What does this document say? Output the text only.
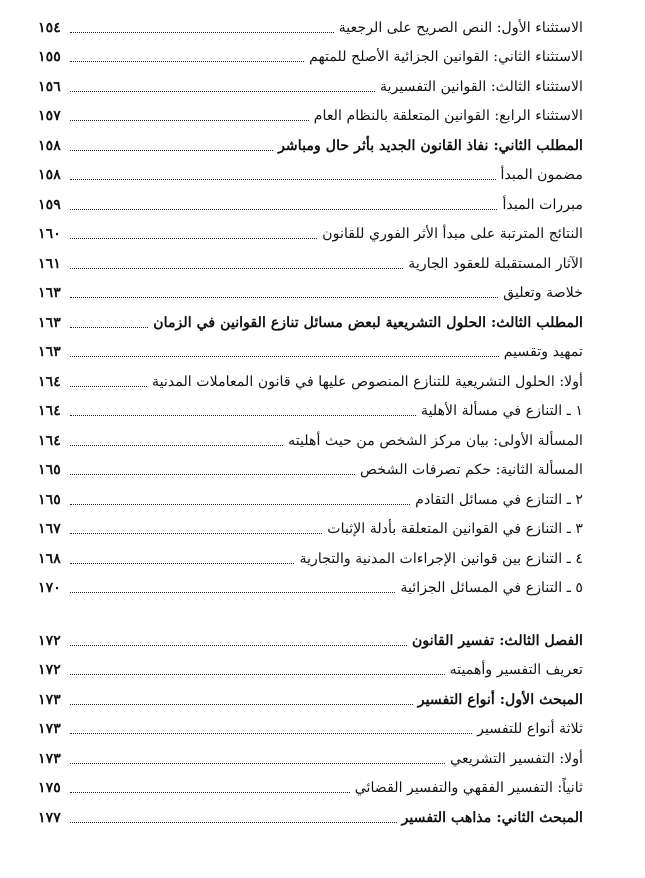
الاستثناء الأول: النص الصريح على الرجعية
١٥٤
الاستثناء الثاني: القوانين الجزائية الأصلح للمتهم
١٥٥
الاستثناء الثالث: القوانين التفسيرية
١٥٦
الاستثناء الرابع: القوانين المتعلقة بالنظام العام
١٥٧
المطلب الثاني: نفاذ القانون الجديد بأثر حال ومباشر
١٥٨
مضمون المبدأ
١٥٨
مبررات المبدأ
١٥٩
النتائج المترتبة على مبدأ الأثر الفوري للقانون
١٦٠
الآثار المستقبلة للعقود الجارية
١٦١
خلاصة وتعليق
١٦٣
المطلب الثالث: الحلول التشريعية لبعض مسائل تنازع القوانين في الزمان
١٦٣
تمهيد وتقسيم
١٦٣
أولا: الحلول التشريعية للتنازع المنصوص عليها في قانون المعاملات المدنية
١٦٤
١ ـ التنازع في مسألة الأهلية
١٦٤
المسألة الأولى: بيان مركز الشخص من حيث أهليته
١٦٤
المسألة الثانية: حكم تصرفات الشخص
١٦٥
٢ ـ التنازع في مسائل التقادم
١٦٥
٣ ـ التنازع في القوانين المتعلقة بأدلة الإثبات
١٦٧
٤ ـ التنازع بين قوانين الإجراءات المدنية والتجارية
١٦٨
٥ ـ التنازع في المسائل الجزائية
١٧٠
الفصل الثالث: تفسير القانون
١٧٢
تعريف التفسير وأهميته
١٧٢
المبحث الأول: أنواع التفسير
١٧٣
ثلاثة أنواع للتفسير
١٧٣
أولا: التفسير التشريعي
١٧٣
ثانياً: التفسير الفقهي والتفسير القضائي
١٧٥
المبحث الثاني: مذاهب التفسير
١٧٧
